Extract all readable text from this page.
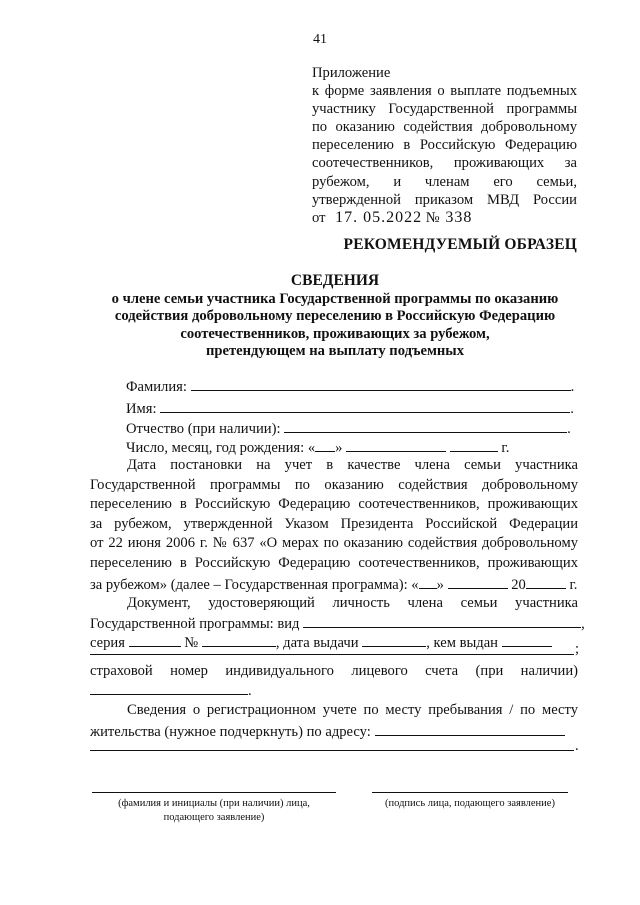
41
Приложение
к форме заявления о выплате подъемных
участнику Государственной программы
по оказанию содействия добровольному
переселению в Российскую Федерацию
соотечественников, проживающих за
рубежом, и членам его семьи,
утвержденной приказом МВД России
от 17. 05.2022 № 338
РЕКОМЕНДУЕМЫЙ ОБРАЗЕЦ
СВЕДЕНИЯ
о члене семьи участника Государственной программы по оказанию
содействия добровольному переселению в Российскую Федерацию
соотечественников, проживающих за рубежом,
претендующем на выплату подъемных
Фамилия:	.
Имя:	.
Отчество (при наличии):	.
Число, месяц, год рождения: « »	г.
Дата постановки на учет в качестве члена семьи участника
Государственной программы по оказанию содействия добровольному
переселению в Российскую Федерацию соотечественников, проживающих
за рубежом, утвержденной Указом Президента Российской Федерации
от 22 июня 2006 г. № 637 «О мерах по оказанию содействия добровольному
переселению в Российскую Федерацию соотечественников, проживающих
за рубежом» (далее – Государственная программа): « »	20	г.
Документ, удостоверяющий личность члена семьи участника
Государственной программы: вид	,
серия	№	, дата выдачи	, кем выдан	;
страховой номер индивидуального лицевого счета (при наличии)
.
Сведения о регистрационном учете по месту пребывания / по месту
жительства (нужное подчеркнуть) по адресу:
.
(фамилия и инициалы (при наличии) лица,
подающего заявление)
(подпись лица, подающего заявление)
